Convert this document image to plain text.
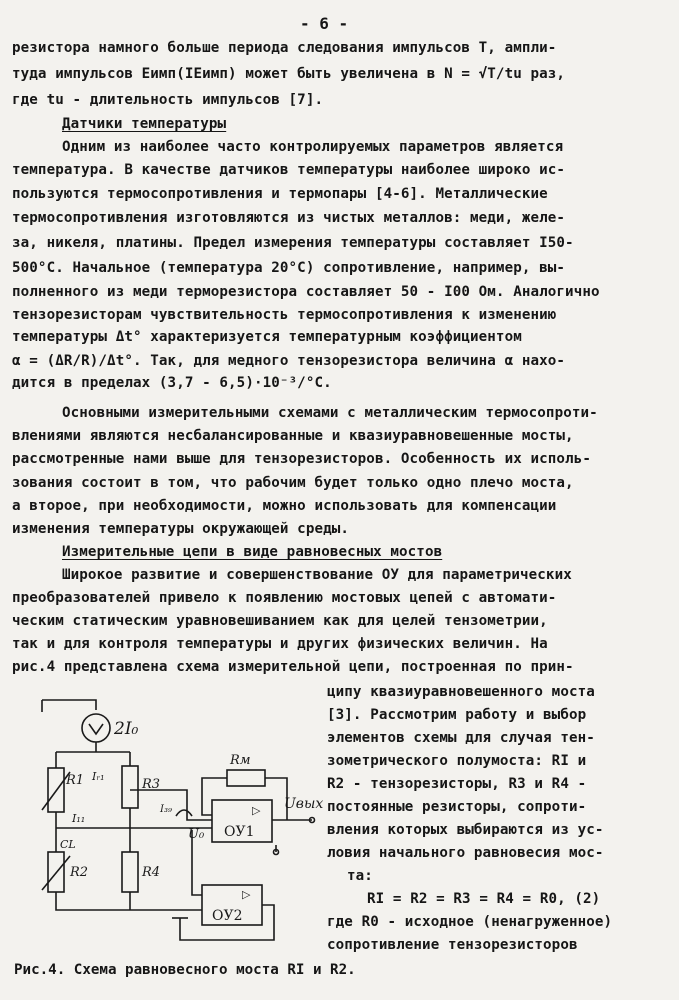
- 6 -
резистора намного больше периода следования импульсов Т, ампли-
туда импульсов Eимп(IЕимп) может быть увеличена в N = √T/tu раз,
где tu - длительность импульсов [7].
Датчики температуры
Одним из наиболее часто контролируемых параметров является
температура. В качестве датчиков температуры наиболее широко ис-
пользуются термосопротивления и термопары [4-6]. Металлические
термосопротивления изготовляются из чистых металлов: меди, желе-
за, никеля, платины. Предел измерения температуры составляет I50-
500°С. Начальное (температура 20°С) сопротивление, например, вы-
полненного из меди терморезистора составляет 50 - I00 Ом. Аналогично
тензорезисторам чувствительность термосопротивления к изменению
температуры Δt° характеризуется температурным коэффициентом
α = (ΔR/R)/Δt°. Так, для медного тензорезистора величина α нахо-
дится в пределах (3,7 - 6,5)·10⁻³/°C.
Основными измерительными схемами с металлическим термосопроти-
влениями являются несбалансированные и квазиуравновешенные мосты,
рассмотренные нами выше для тензорезисторов. Особенность их исполь-
зования состоит в том, что рабочим будет только одно плечо моста,
а второе, при необходимости, можно использовать для компенсации
изменения температуры окружающей среды.
Измерительные цепи в виде равновесных мостов
Широкое развитие и совершенствование ОУ для параметрических
преобразователей привело к появлению мостовых цепей с автомати-
ческим статическим уравновешиванием как для целей тензометрии,
так и для контроля температуры и других физических величин. На
рис.4 представлена схема измерительной цепи, построенная по прин-
ципу квазиуравновешенного моста
[3]. Рассмотрим работу и выбор
элементов схемы для случая тен-
зометрического полумоста: RI и
R2 - тензорезисторы, R3 и R4 -
постоянные резисторы, сопроти-
вления которых выбираются из ус-
ловия начального равновесия мос-
та:
RI = R2 = R3 = R4 = R0, (2)
где R0 - исходное (ненагруженное)
сопротивление тензорезисторов
2I₀
R1	R3
R2	R4
Rм
Iᵣ₁
I₁₁
CL
U₀
I₃₉	Uвых
ОУ1
ОУ2
▷
▷
Рис.4. Схема равновесного моста RI и R2.
